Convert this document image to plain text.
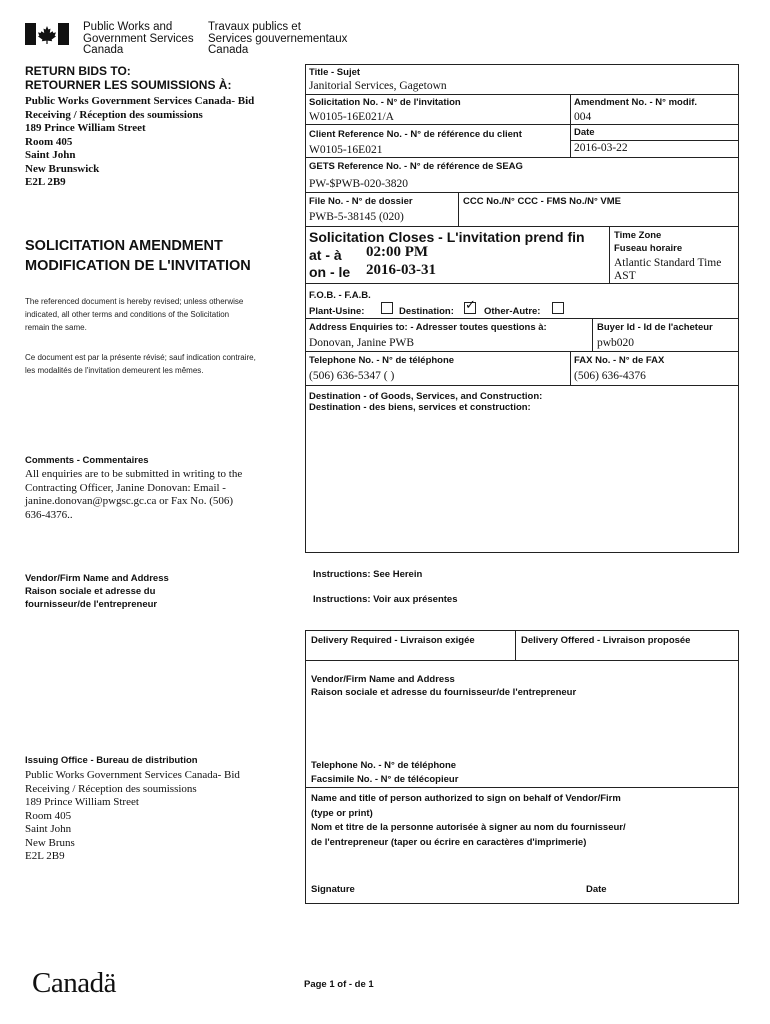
Public Works and
Government Services
Canada
Travaux publics et
Services gouvernementaux
Canada
RETURN BIDS TO:
RETOURNER LES SOUMISSIONS À:
Public Works Government Services Canada- Bid
Receiving / Réception des soumissions
189 Prince William Street
Room 405
Saint John
New Brunswick
E2L 2B9
SOLICITATION AMENDMENT
MODIFICATION DE L'INVITATION
The referenced document is hereby revised; unless otherwise
indicated, all other terms and conditions of the Solicitation
remain the same.
Ce document est par la présente révisé; sauf indication contraire,
les modalités de l'invitation demeurent les mêmes.
Comments - Commentaires
All enquiries are to be submitted in writing to the
Contracting Officer, Janine Donovan: Email -
janine.donovan@pwgsc.gc.ca or Fax No. (506)
636-4376..
Vendor/Firm Name and Address
Raison sociale et adresse du
fournisseur/de l'entrepreneur
Issuing Office - Bureau de distribution
Public Works Government Services Canada- Bid
Receiving / Réception des soumissions
189 Prince William Street
Room 405
Saint John
New Bruns
E2L 2B9
Title - Sujet
Janitorial Services, Gagetown
Solicitation No. - N° de l'invitation
W0105-16E021/A
Amendment No. - N° modif.
004
Client Reference No. - N° de référence du client
W0105-16E021
Date
2016-03-22
GETS Reference No. - N° de référence de SEAG
PW-$PWB-020-3820
File No. - N° de dossier
PWB-5-38145 (020)
CCC No./N° CCC - FMS No./N° VME
Solicitation Closes - L'invitation prend fin
at - à 02:00 PM
on - le 2016-03-31
Time Zone
Fuseau horaire
Atlantic Standard Time
AST
F.O.B. - F.A.B.
Plant-Usine:	Destination: ✓ Other-Autre:
Address Enquiries to: - Adresser toutes questions à:
Donovan, Janine PWB
Buyer Id - Id de l'acheteur
pwb020
Telephone No. - N° de téléphone
(506) 636-5347 ( )
FAX No. - N° de FAX
(506) 636-4376
Destination - of Goods, Services, and Construction:
Destination - des biens, services et construction:
Instructions: See Herein
Instructions: Voir aux présentes
Delivery Required - Livraison exigée	Delivery Offered - Livraison proposée
Vendor/Firm Name and Address
Raison sociale et adresse du fournisseur/de l'entrepreneur
Telephone No. - N° de téléphone
Facsimile No. - N° de télécopieur
Name and title of person authorized to sign on behalf of Vendor/Firm
(type or print)
Nom et titre de la personne autorisée à signer au nom du fournisseur/
de l'entrepreneur (taper ou écrire en caractères d'imprimerie)
Signature	Date
Canadä	Page 1 of - de 1
